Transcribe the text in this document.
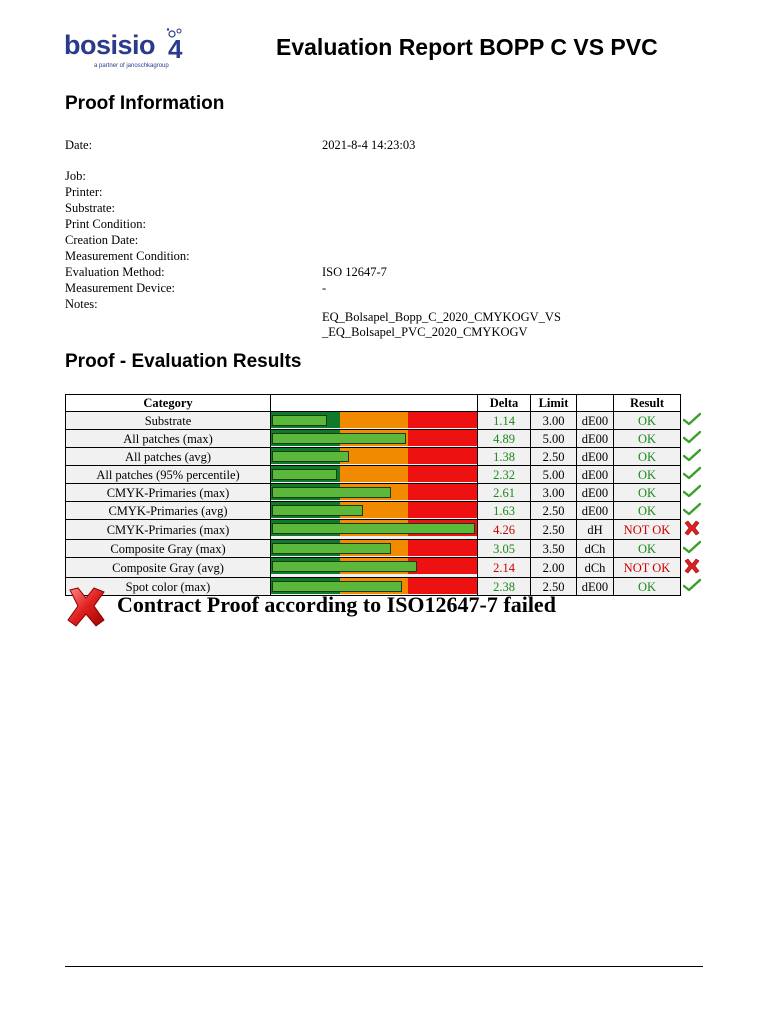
bosisio 4
a partner of janoschkagroup
Evaluation Report BOPP C VS PVC
Proof Information
Date:	2021-8-4 14:23:03
Job:
Printer:
Substrate:
Print Condition:
Creation Date:
Measurement Condition:
Evaluation Method:	ISO 12647-7
Measurement Device:	-
Notes:
EQ_Bolsapel_Bopp_C_2020_CMYKOGV_VS
_EQ_Bolsapel_PVC_2020_CMYKOGV
Proof - Evaluation Results
Category		Delta	Limit		Result	
Substrate		1.14	3.00	dE00	OK	
All patches (max)		4.89	5.00	dE00	OK	
All patches (avg)		1.38	2.50	dE00	OK	
All patches (95% percentile)		2.32	5.00	dE00	OK	
CMYK-Primaries (max)		2.61	3.00	dE00	OK	
CMYK-Primaries (avg)		1.63	2.50	dE00	OK	
CMYK-Primaries (max)		4.26	2.50	dH	NOT OK	
Composite Gray (max)		3.05	3.50	dCh	OK	
Composite Gray (avg)		2.14	2.00	dCh	NOT OK	
Spot color (max)		2.38	2.50	dE00	OK	
Contract Proof according to ISO12647-7 failed
